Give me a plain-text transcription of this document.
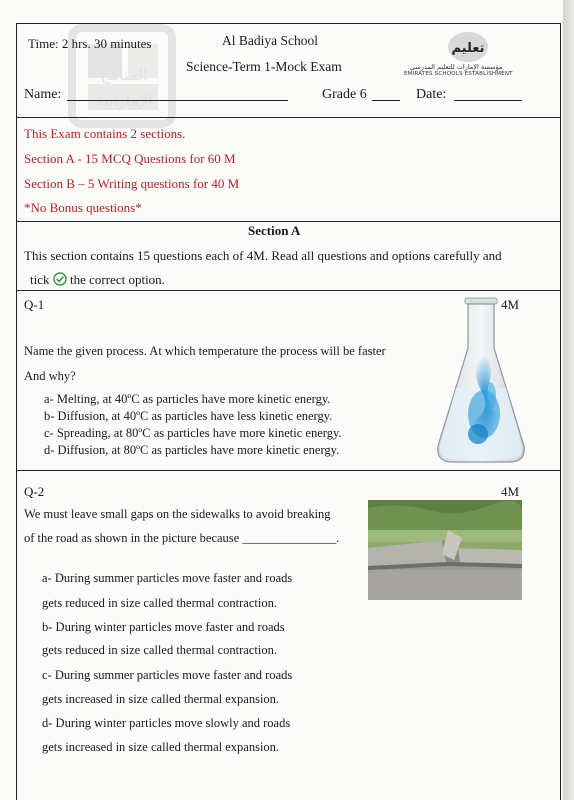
المناهج
الإماراتية
Time: 2 hrs. 30 minutes	Al Badiya School
Science-Term 1-Mock Exam
تعليم
مؤسسة الإمارات للتعليم المدرسي
EMIRATES SCHOOLS ESTABLISHMENT
Name:	Grade 6	Date:
This Exam contains 2 sections.
Section A - 15 MCQ Questions for 60 M
Section B – 5 Writing questions for 40 M
*No Bonus questions*
Section A
This section contains 15 questions each of 4M. Read all questions and options carefully and
tick the correct option.
Q-1	4M
Name the given process. At which temperature the process will be faster
And why?
a- Melting, at 40ºC as particles have more kinetic energy.
b- Diffusion, at 40ºC as particles have less kinetic energy.
c- Spreading, at 80ºC as particles have more kinetic energy.
d- Diffusion, at 80ºC as particles have more kinetic energy.
Q-2	4M
We must leave small gaps on the sidewalks to avoid breaking
of the road as shown in the picture because _______________.
a- During summer particles move faster and roads
gets reduced in size called thermal contraction.
b- During winter particles move faster and roads
gets reduced in size called thermal contraction.
c- During summer particles move faster and roads
gets increased in size called thermal expansion.
d- During winter particles move slowly and roads
gets increased in size called thermal expansion.
